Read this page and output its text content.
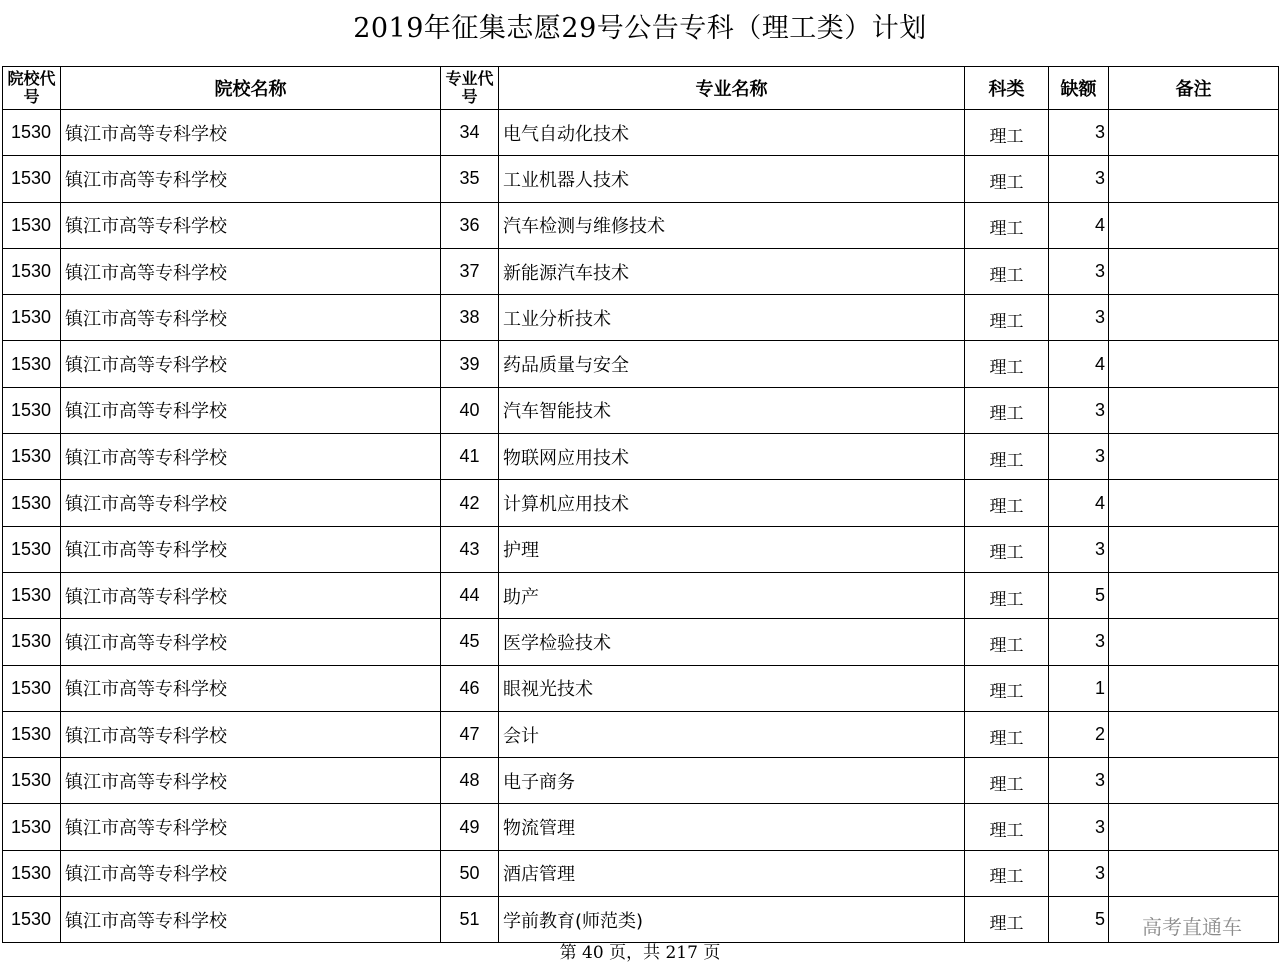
2019年征集志愿29号公告专科（理工类）计划
院校代号	院校名称	专业代号	专业名称	科类	缺额	备注
1530	镇江市高等专科学校	34	电气自动化技术	理工	3	
1530	镇江市高等专科学校	35	工业机器人技术	理工	3	
1530	镇江市高等专科学校	36	汽车检测与维修技术	理工	4	
1530	镇江市高等专科学校	37	新能源汽车技术	理工	3	
1530	镇江市高等专科学校	38	工业分析技术	理工	3	
1530	镇江市高等专科学校	39	药品质量与安全	理工	4	
1530	镇江市高等专科学校	40	汽车智能技术	理工	3	
1530	镇江市高等专科学校	41	物联网应用技术	理工	3	
1530	镇江市高等专科学校	42	计算机应用技术	理工	4	
1530	镇江市高等专科学校	43	护理	理工	3	
1530	镇江市高等专科学校	44	助产	理工	5	
1530	镇江市高等专科学校	45	医学检验技术	理工	3	
1530	镇江市高等专科学校	46	眼视光技术	理工	1	
1530	镇江市高等专科学校	47	会计	理工	2	
1530	镇江市高等专科学校	48	电子商务	理工	3	
1530	镇江市高等专科学校	49	物流管理	理工	3	
1530	镇江市高等专科学校	50	酒店管理	理工	3	
1530	镇江市高等专科学校	51	学前教育(师范类)	理工	5	高考直通车
第 40 页，共 217 页
